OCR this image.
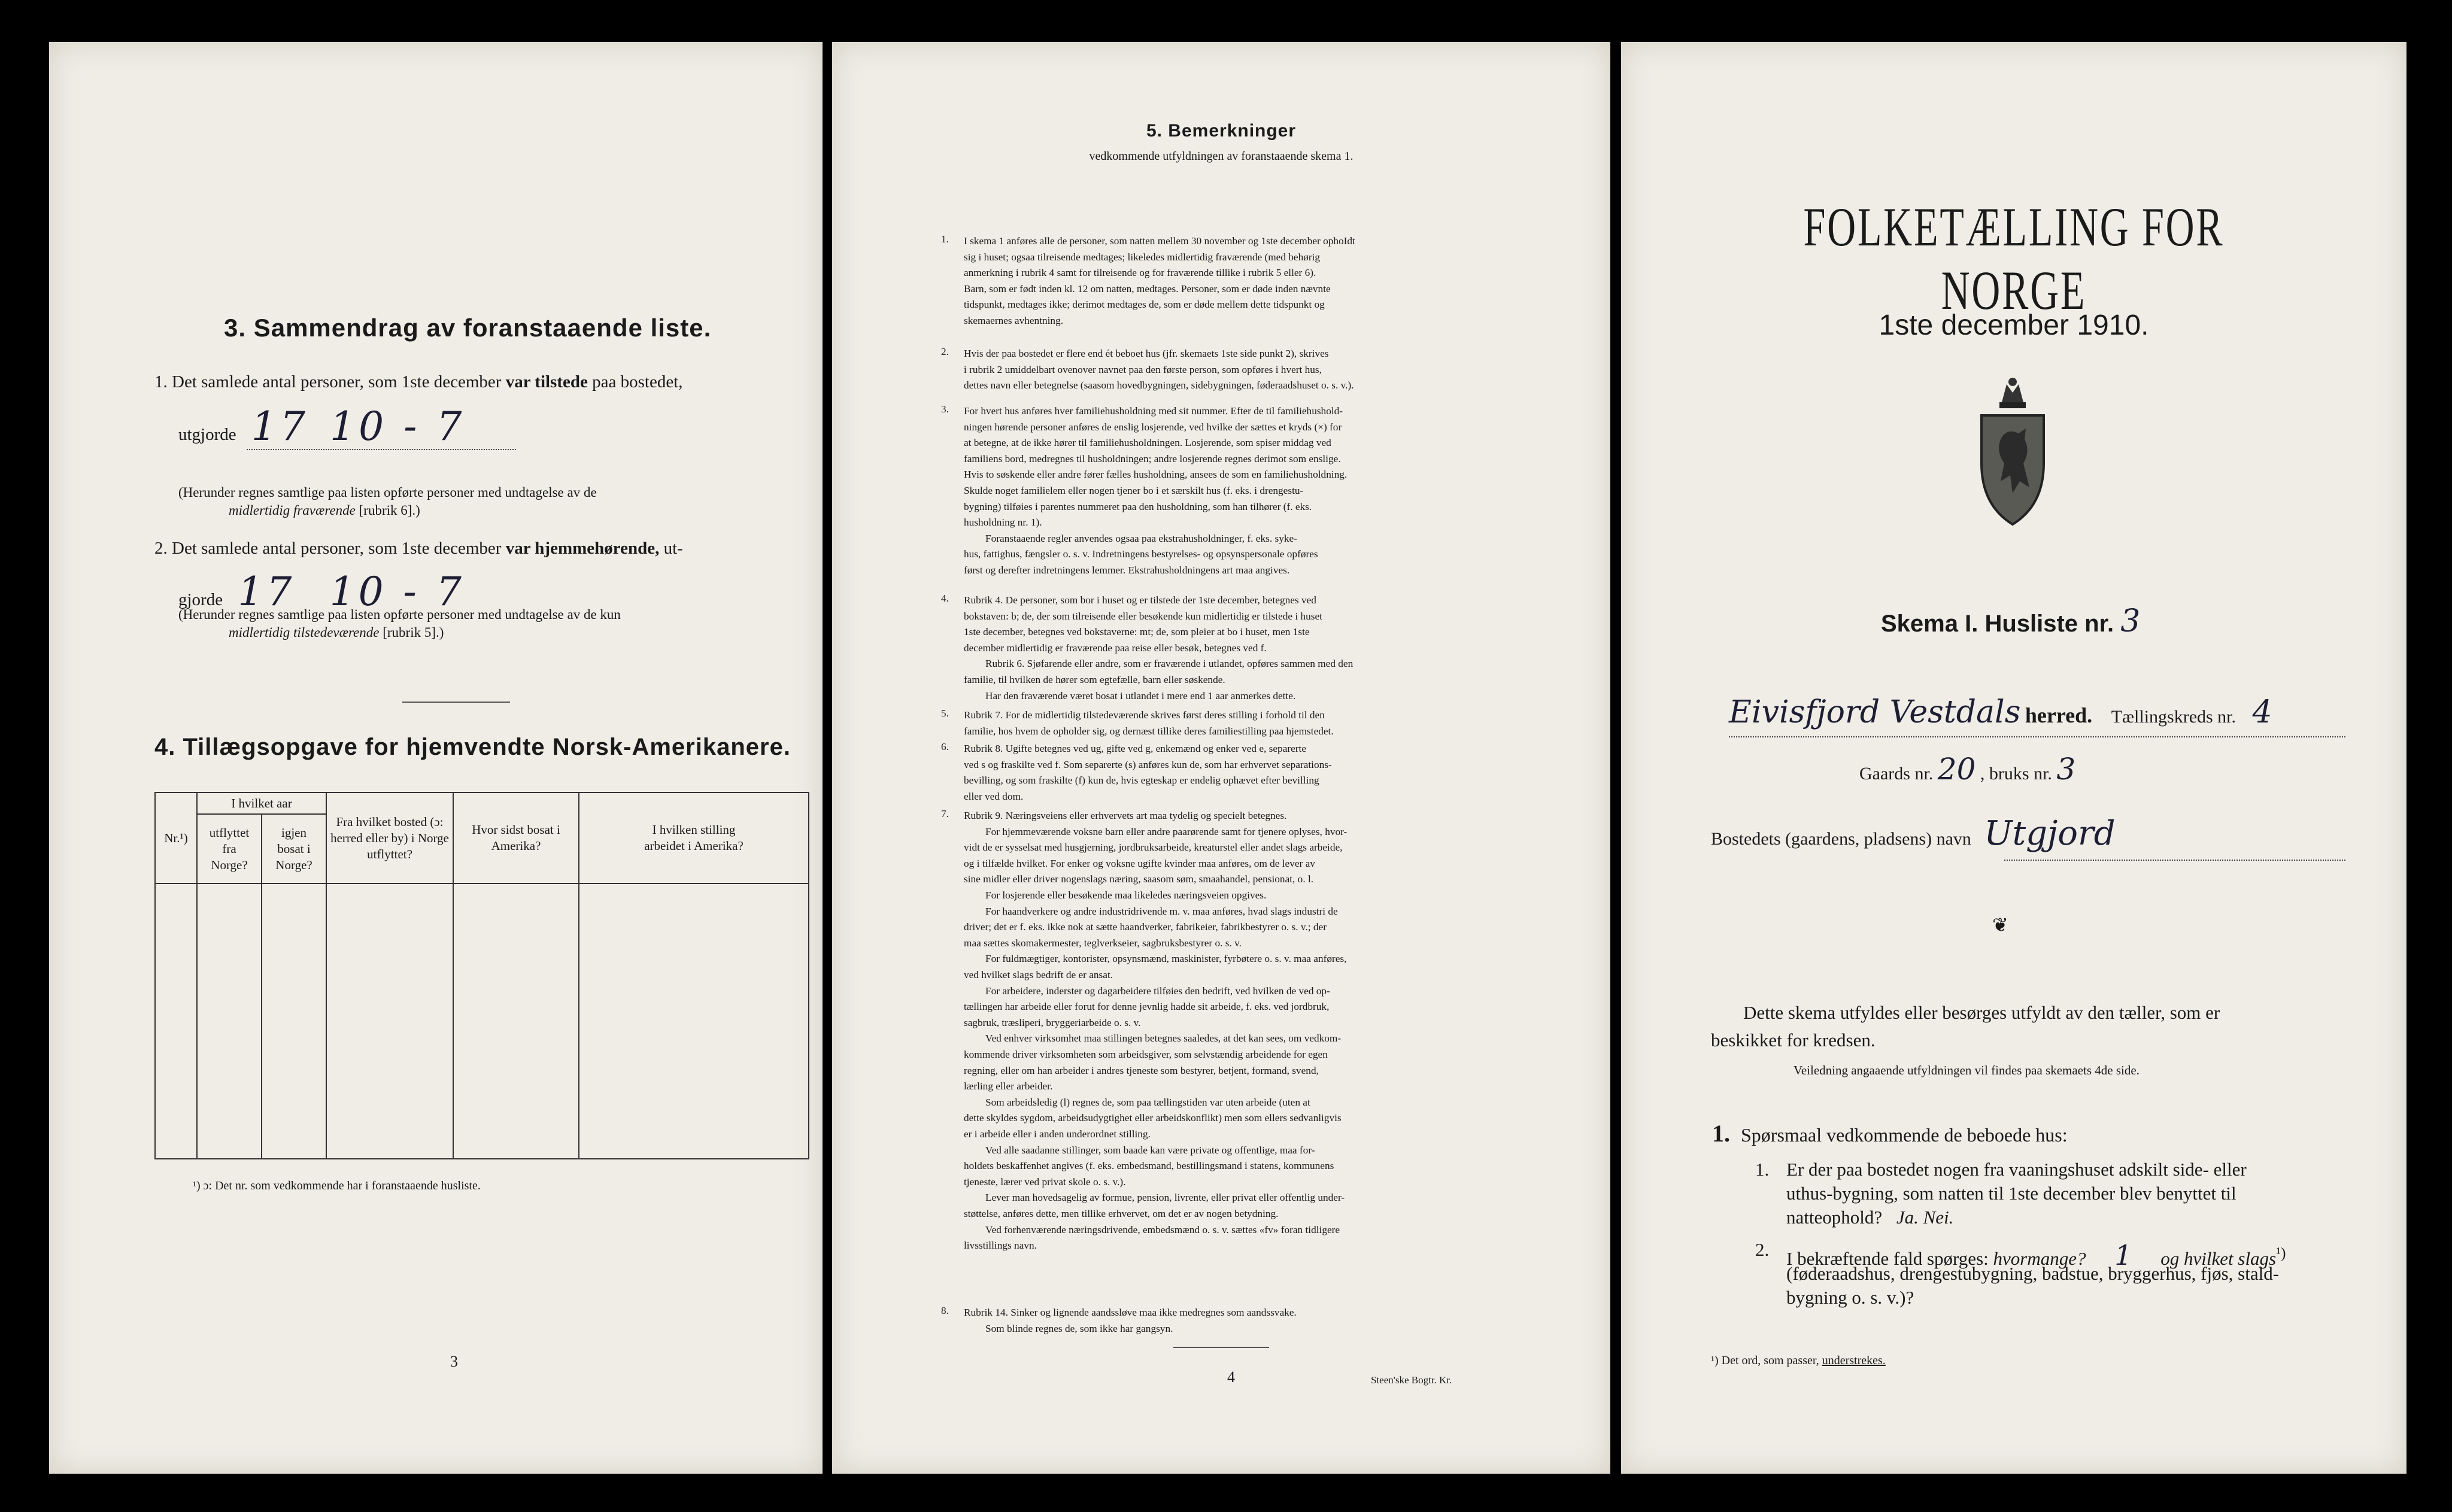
3. Sammendrag av foranstaaende liste.
1. Det samlede antal personer, som 1ste december var tilstede paa bostedet,
utgjorde 17 10 - 7
(Herunder regnes samtlige paa listen opførte personer med undtagelse av de
midlertidig fraværende [rubrik 6].)
2. Det samlede antal personer, som 1ste december var hjemmehørende, ut-
gjorde 17 10 - 7
(Herunder regnes samtlige paa listen opførte personer med undtagelse av de kun
midlertidig tilstedeværende [rubrik 5].)
4. Tillægsopgave for hjemvendte Norsk-Amerikanere.
Nr.¹)	I hvilket aar		Fra hvilket bosted (ɔ: herred eller by) i Norge utflyttet?	Hvor sidst bosat i Amerika?	I hvilken stilling arbeidet i Amerika?
	utflyttet fra Norge?	igjen bosat i Norge?			

¹) ɔ: Det nr. som vedkommende har i foranstaaende husliste.
3
5. Bemerkninger
vedkommende utfyldningen av foranstaaende skema 1.
I skema 1 anføres alle de personer, som natten mellem 30 november og 1ste december ophoIdt
1.
sig i huset; ogsaa tilreisende medtages; likeledes midlertidig fraværende (med behørig
anmerkning i rubrik 4 samt for tilreisende og for fraværende tillike i rubrik 5 eller 6).
Barn, som er født inden kl. 12 om natten, medtages. Personer, som er døde inden nævnte
tidspunkt, medtages ikke; derimot medtages de, som er døde mellem dette tidspunkt og
skemaernes avhentning.
Hvis der paa bostedet er flere end ét beboet hus (jfr. skemaets 1ste side punkt 2), skrives
2.
i rubrik 2 umiddelbart ovenover navnet paa den første person, som opføres i hvert hus,
dettes navn eller betegnelse (saasom hovedbygningen, sidebygningen, føderaadshuset o. s. v.).
For hvert hus anføres hver familiehusholdning med sit nummer. Efter de til familiehushold-
3.
ningen hørende personer anføres de enslig losjerende, ved hvilke der sættes et kryds (×) for
at betegne, at de ikke hører til familiehusholdningen. Losjerende, som spiser middag ved
familiens bord, medregnes til husholdningen; andre losjerende regnes derimot som enslige.
Hvis to søskende eller andre fører fælles husholdning, ansees de som en familiehusholdning.
Skulde noget familielem eller nogen tjener bo i et særskilt hus (f. eks. i drengestu-
bygning) tilføies i parentes nummeret paa den husholdning, som han tilhører (f. eks.
husholdning nr. 1).
Foranstaaende regler anvendes ogsaa paa ekstrahusholdninger, f. eks. syke-
hus, fattighus, fængsler o. s. v. Indretningens bestyrelses- og opsynspersonale opføres
først og derefter indretningens lemmer. Ekstrahusholdningens art maa angives.
Rubrik 4. De personer, som bor i huset og er tilstede der 1ste december, betegnes ved
4.
bokstaven: b; de, der som tilreisende eller besøkende kun midlertidig er tilstede i huset
1ste december, betegnes ved bokstaverne: mt; de, som pleier at bo i huset, men 1ste
december midlertidig er fraværende paa reise eller besøk, betegnes ved f.
Rubrik 6. Sjøfarende eller andre, som er fraværende i utlandet, opføres sammen med den
familie, til hvilken de hører som egtefælle, barn eller søskende.
Har den fraværende været bosat i utlandet i mere end 1 aar anmerkes dette.
Rubrik 7. For de midlertidig tilstedeværende skrives først deres stilling i forhold til den
5.
familie, hos hvem de opholder sig, og dernæst tillike deres familiestilling paa hjemstedet.
Rubrik 8. Ugifte betegnes ved ug, gifte ved g, enkemænd og enker ved e, separerte
6.
ved s og fraskilte ved f. Som separerte (s) anføres kun de, som har erhvervet separations-
bevilling, og som fraskilte (f) kun de, hvis egteskap er endelig ophævet efter bevilling
eller ved dom.
Rubrik 9. Næringsveiens eller erhvervets art maa tydelig og specielt betegnes.
7.
For hjemmeværende voksne barn eller andre paarørende samt for tjenere oplyses, hvor-
vidt de er sysselsat med husgjerning, jordbruksarbeide, kreaturstel eller andet slags arbeide,
og i tilfælde hvilket. For enker og voksne ugifte kvinder maa anføres, om de lever av
sine midler eller driver nogenslags næring, saasom søm, smaahandel, pensionat, o. l.
For losjerende eller besøkende maa likeledes næringsveien opgives.
For haandverkere og andre industridrivende m. v. maa anføres, hvad slags industri de
driver; det er f. eks. ikke nok at sætte haandverker, fabrikeier, fabrikbestyrer o. s. v.; der
maa sættes skomakermester, teglverkseier, sagbruksbestyrer o. s. v.
For fuldmægtiger, kontorister, opsynsmænd, maskinister, fyrbøtere o. s. v. maa anføres,
ved hvilket slags bedrift de er ansat.
For arbeidere, inderster og dagarbeidere tilføies den bedrift, ved hvilken de ved op-
tællingen har arbeide eller forut for denne jevnlig hadde sit arbeide, f. eks. ved jordbruk,
sagbruk, træsliperi, bryggeriarbeide o. s. v.
Ved enhver virksomhet maa stillingen betegnes saaledes, at det kan sees, om vedkom-
kommende driver virksomheten som arbeidsgiver, som selvstændig arbeidende for egen
regning, eller om han arbeider i andres tjeneste som bestyrer, betjent, formand, svend,
lærling eller arbeider.
Som arbeidsledig (l) regnes de, som paa tællingstiden var uten arbeide (uten at
dette skyldes sygdom, arbeidsudygtighet eller arbeidskonflikt) men som ellers sedvanligvis
er i arbeide eller i anden underordnet stilling.
Ved alle saadanne stillinger, som baade kan være private og offentlige, maa for-
holdets beskaffenhet angives (f. eks. embedsmand, bestillingsmand i statens, kommunens
tjeneste, lærer ved privat skole o. s. v.).
Lever man hovedsagelig av formue, pension, livrente, eller privat eller offentlig under-
støttelse, anføres dette, men tillike erhvervet, om det er av nogen betydning.
Ved forhenværende næringsdrivende, embedsmænd o. s. v. sættes «fv» foran tidligere
livsstillings navn.
Rubrik 14. Sinker og lignende aandssløve maa ikke medregnes som aandssvake.
8.
Som blinde regnes de, som ikke har gangsyn.
4	Steen'ske Bogtr. Kr.
FOLKETÆLLING FOR NORGE
1ste december 1910.
Skema I. Husliste nr. 3
Eivisfjord Vestdals herred. Tællingskreds nr. 4
Gaards nr. 20 , bruks nr. 3
Bostedets (gaardens, pladsens) navn Utgjord
❦
Dette skema utfyldes eller besørges utfyldt av den tæller, som er
beskikket for kredsen.
Veiledning angaaende utfyldningen vil findes paa skemaets 4de side.
1. Spørsmaal vedkommende de beboede hus:
1. Er der paa bostedet nogen fra vaaningshuset adskilt side- eller
uthus-bygning, som natten til 1ste december blev benyttet til
natteophold? Ja. Nei.
2. I bekræftende fald spørges: hvormange? 1 og hvilket slags$^{^1)}$
(føderaadshus, drengestubygning, badstue, bryggerhus, fjøs, stald-
bygning o. s. v.)?
¹) Det ord, som passer, understrekes.
